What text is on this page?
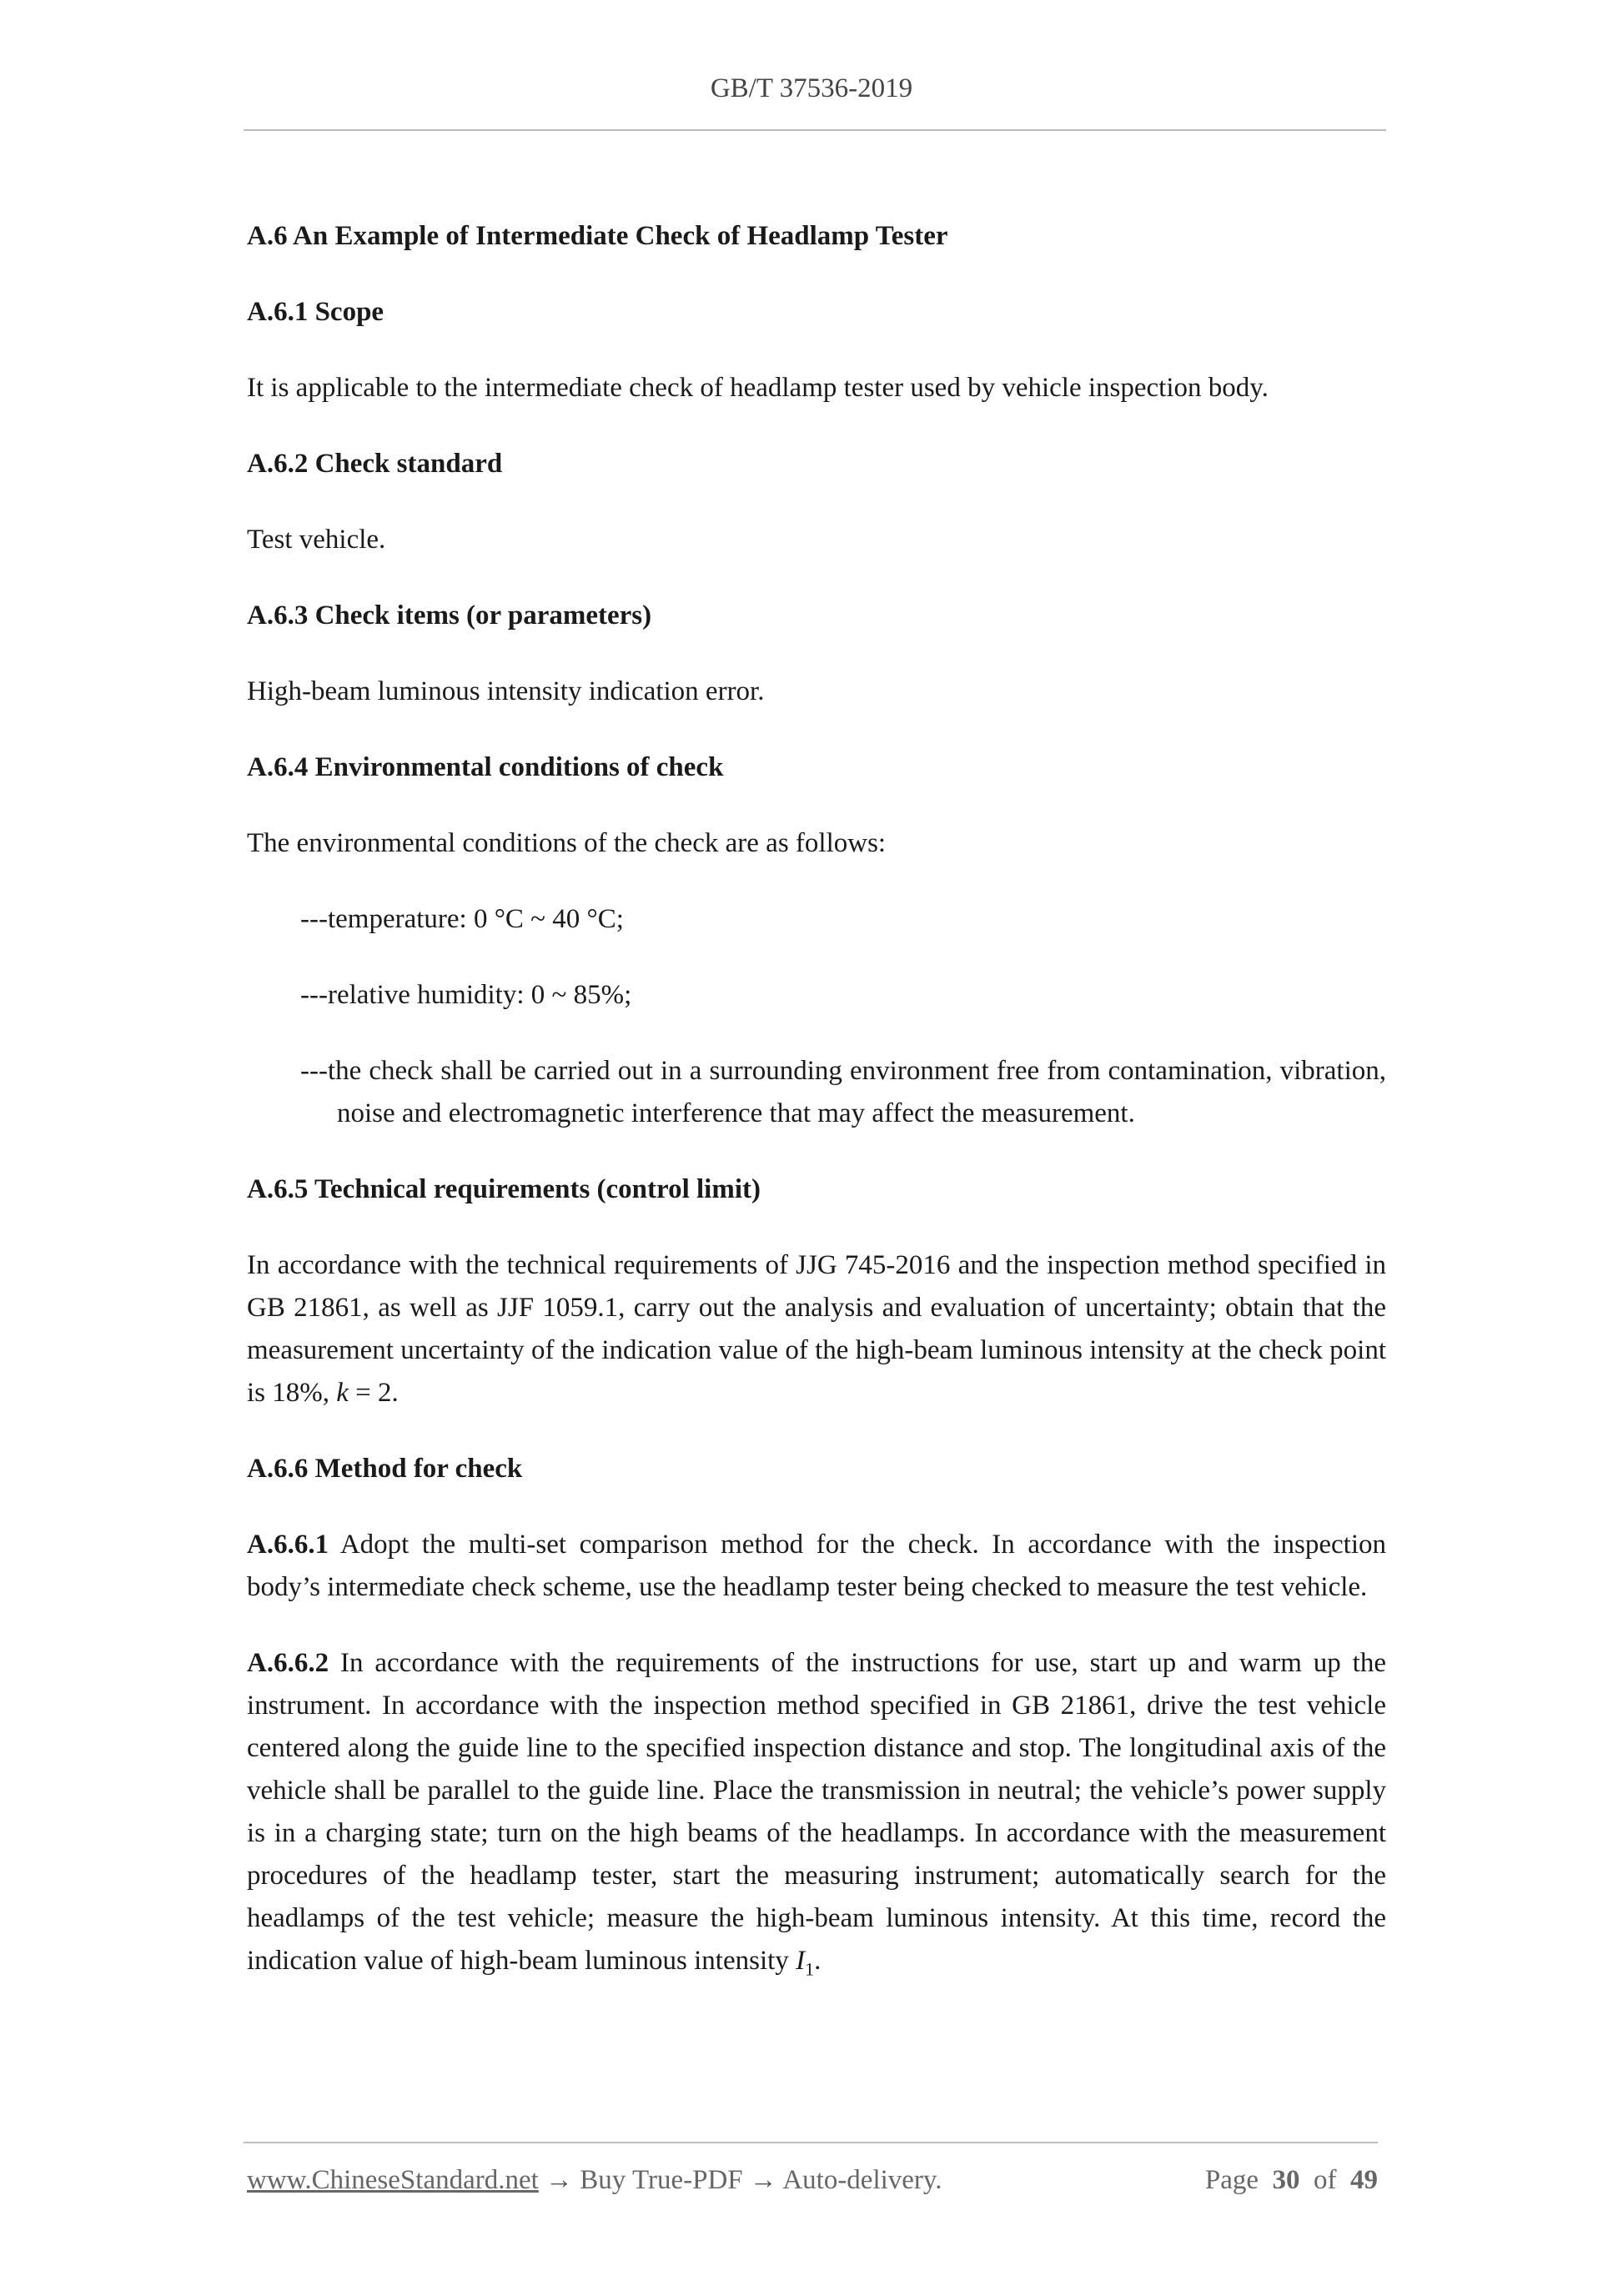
GB/T 37536-2019
A.6 An Example of Intermediate Check of Headlamp Tester
A.6.1 Scope
It is applicable to the intermediate check of headlamp tester used by vehicle inspection body.
A.6.2 Check standard
Test vehicle.
A.6.3 Check items (or parameters)
High-beam luminous intensity indication error.
A.6.4 Environmental conditions of check
The environmental conditions of the check are as follows:
---temperature: 0 °C ~ 40 °C;
---relative humidity: 0 ~ 85%;
---the check shall be carried out in a surrounding environment free from contamination, vibration, noise and electromagnetic interference that may affect the measurement.
A.6.5 Technical requirements (control limit)
In accordance with the technical requirements of JJG 745-2016 and the inspection method specified in GB 21861, as well as JJF 1059.1, carry out the analysis and evaluation of uncertainty; obtain that the measurement uncertainty of the indication value of the high-beam luminous intensity at the check point is 18%, k = 2.
A.6.6 Method for check
A.6.6.1 Adopt the multi-set comparison method for the check. In accordance with the inspection body’s intermediate check scheme, use the headlamp tester being checked to measure the test vehicle.
A.6.6.2 In accordance with the requirements of the instructions for use, start up and warm up the instrument. In accordance with the inspection method specified in GB 21861, drive the test vehicle centered along the guide line to the specified inspection distance and stop. The longitudinal axis of the vehicle shall be parallel to the guide line. Place the transmission in neutral; the vehicle’s power supply is in a charging state; turn on the high beams of the headlamps. In accordance with the measurement procedures of the headlamp tester, start the measuring instrument; automatically search for the headlamps of the test vehicle; measure the high-beam luminous intensity. At this time, record the indication value of high-beam luminous intensity $I_1$.
www.ChineseStandard.net → Buy True-PDF → Auto-delivery.	Page 30 of 49
